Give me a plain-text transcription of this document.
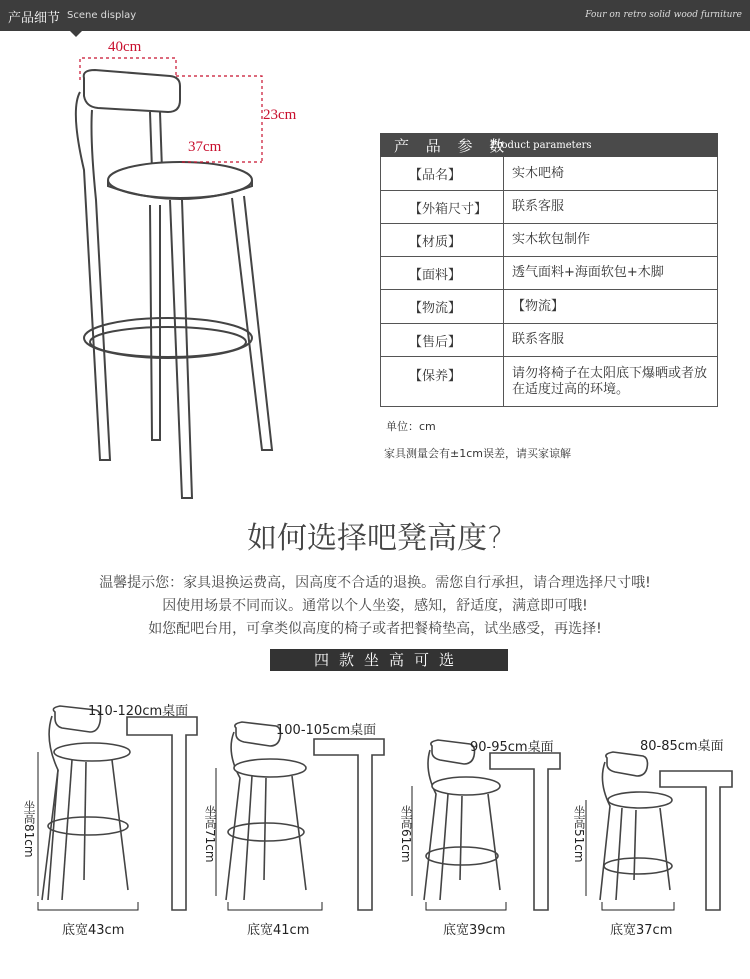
产品细节 Scene display	Four on retro solid wood furniture
40cm
23cm
37cm	产 品 参 数
Product parameters
【品名】	实木吧椅
【外箱尺寸】	联系客服
【材质】	实木软包制作
【面料】	透气面料+海面软包+木脚
【物流】	【物流】
【售后】	联系客服
【保养】	请勿将椅子在太阳底下爆晒或者放在适度过高的环境。
单位：cm
家具测量会有±1cm误差，请买家谅解
如何选择吧凳高度?
温馨提示您：家具退换运费高，因高度不合适的退换。需您自行承担，请合理选择尺寸哦!
因使用场景不同而议。通常以个人坐姿，感知，舒适度，满意即可哦!
如您配吧台用，可拿类似高度的椅子或者把餐椅垫高，试坐感受，再选择!
四款坐高可选
110-120cm桌面
100-105cm桌面
90-95cm桌面	80-85cm桌面
坐高81cm	坐高71cm	坐高61cm	坐高51cm
底宽43cm	底宽41cm	底宽39cm	底宽37cm
